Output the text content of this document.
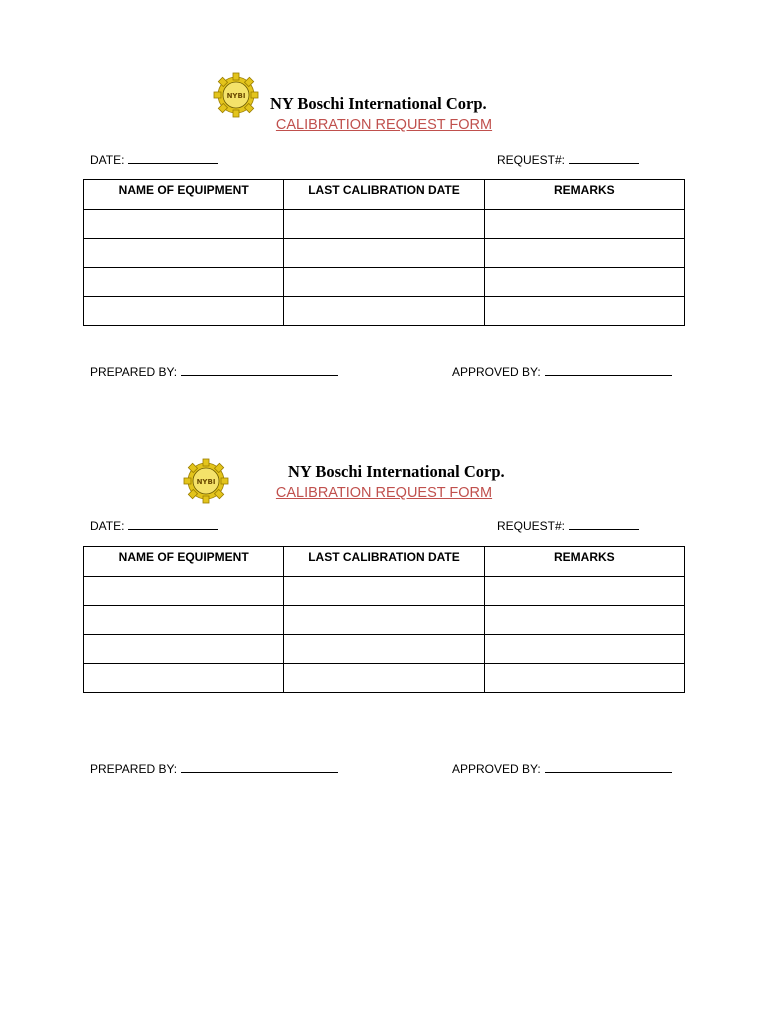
NYBI NY Boschi International Corp.
CALIBRATION REQUEST FORM
DATE:	REQUEST#:
NAME OF EQUIPMENT	LAST CALIBRATION DATE	REMARKS

PREPARED BY:	APPROVED BY:
NYBI
NY Boschi International Corp.
CALIBRATION REQUEST FORM
DATE:	REQUEST#:
NAME OF EQUIPMENT	LAST CALIBRATION DATE	REMARKS

PREPARED BY:	APPROVED BY:
